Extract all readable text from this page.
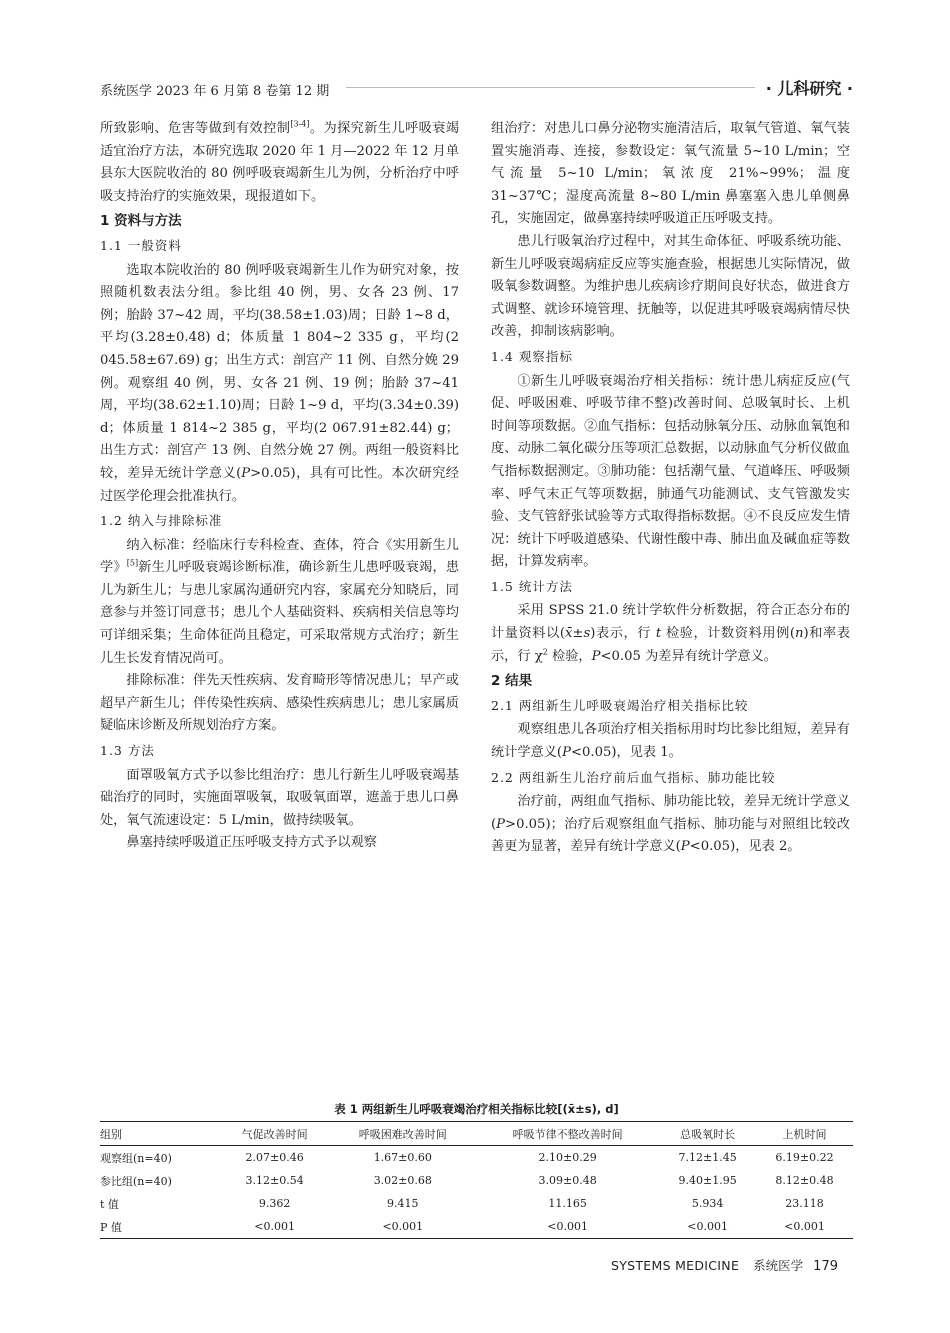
系统医学 2023 年 6 月第 8 卷第 12 期	· 儿科研究 ·

所致影响、危害等做到有效控制[3-4]。为探究新生儿呼吸衰竭适宜治疗方法，本研究选取 2020 年 1 月—2022 年 12 月单县东大医院收治的 80 例呼吸衰竭新生儿为例，分析治疗中呼吸支持治疗的实施效果，现报道如下。

1 资料与方法
1.1 一般资料

选取本院收治的 80 例呼吸衰竭新生儿作为研究对象，按照随机数表法分组。参比组 40 例，男、女各 23 例、17 例；胎龄 37~42 周，平均(38.58±1.03)周；日龄 1~8 d，平均(3.28±0.48) d；体质量 1 804~2 335 g，平均(2 045.58±67.69) g；出生方式：剖宫产 11 例、自然分娩 29 例。观察组 40 例，男、女各 21 例、19 例；胎龄 37~41 周，平均(38.62±1.10)周；日龄 1~9 d，平均(3.34±0.39) d；体质量 1 814~2 385 g，平均(2 067.91±82.44) g；出生方式：剖宫产 13 例、自然分娩 27 例。两组一般资料比较，差异无统计学意义(P>0.05)，具有可比性。本次研究经过医学伦理会批准执行。

1.2 纳入与排除标准

纳入标准：经临床行专科检查、查体，符合《实用新生儿学》[5]新生儿呼吸衰竭诊断标准，确诊新生儿患呼吸衰竭，患儿为新生儿；与患儿家属沟通研究内容，家属充分知晓后，同意参与并签订同意书；患儿个人基础资料、疾病相关信息等均可详细采集；生命体征尚且稳定，可采取常规方式治疗；新生儿生长发育情况尚可。

排除标准：伴先天性疾病、发育畸形等情况患儿；早产或超早产新生儿；伴传染性疾病、感染性疾病患儿；患儿家属质疑临床诊断及所规划治疗方案。

1.3 方法

面罩吸氧方式予以参比组治疗：患儿行新生儿呼吸衰竭基础治疗的同时，实施面罩吸氧，取吸氧面罩，遮盖于患儿口鼻处，氧气流速设定：5 L/min，做持续吸氧。

鼻塞持续呼吸道正压呼吸支持方式予以观察

组治疗：对患儿口鼻分泌物实施清洁后，取氧气管道、氧气装置实施消毒、连接，参数设定：氧气流量 5~10 L/min；空气流量 5~10 L/min；氧浓度 21%~99%；温度 31~37℃；湿度高流量 8~80 L/min 鼻塞塞入患儿单侧鼻孔，实施固定，做鼻塞持续呼吸道正压呼吸支持。

患儿行吸氧治疗过程中，对其生命体征、呼吸系统功能、新生儿呼吸衰竭病症反应等实施查验，根据患儿实际情况，做吸氧参数调整。为维护患儿疾病诊疗期间良好状态，做进食方式调整、就诊环境管理、抚触等，以促进其呼吸衰竭病情尽快改善，抑制该病影响。

1.4 观察指标

①新生儿呼吸衰竭治疗相关指标：统计患儿病症反应(气促、呼吸困难、呼吸节律不整)改善时间、总吸氧时长、上机时间等项数据。②血气指标：包括动脉氧分压、动脉血氧饱和度、动脉二氧化碳分压等项汇总数据，以动脉血气分析仪做血气指标数据测定。③肺功能：包括潮气量、气道峰压、呼吸频率、呼气末正气等项数据，肺通气功能测试、支气管激发实验、支气管舒张试验等方式取得指标数据。④不良反应发生情况：统计下呼吸道感染、代谢性酸中毒、肺出血及碱血症等数据，计算发病率。

1.5 统计方法

采用 SPSS 21.0 统计学软件分析数据，符合正态分布的计量资料以(x̄±s)表示，行 t 检验，计数资料用例(n)和率表示，行 $\chi^2$ 检验，P<0.05 为差异有统计学意义。

2 结果
2.1 两组新生儿呼吸衰竭治疗相关指标比较

观察组患儿各项治疗相关指标用时均比参比组短，差异有统计学意义(P<0.05)，见表 1。

2.2 两组新生儿治疗前后血气指标、肺功能比较

治疗前，两组血气指标、肺功能比较，差异无统计学意义(P>0.05)；治疗后观察组血气指标、肺功能与对照组比较改善更为显著，差异有统计学意义(P<0.05)，见表 2。

表 1 两组新生儿呼吸衰竭治疗相关指标比较[(x̄±s), d]
组别	气促改善时间	呼吸困难改善时间	呼吸节律不整改善时间	总吸氧时长	上机时间
观察组(n=40)	2.07±0.46	1.67±0.60	2.10±0.29	7.12±1.45	6.19±0.22
参比组(n=40)	3.12±0.54	3.02±0.68	3.09±0.48	9.40±1.95	8.12±0.48
t 值	9.362	9.415	11.165	5.934	23.118
P 值	<0.001	<0.001	<0.001	<0.001	<0.001
SYSTEMS MEDICINE 系统医学 179
